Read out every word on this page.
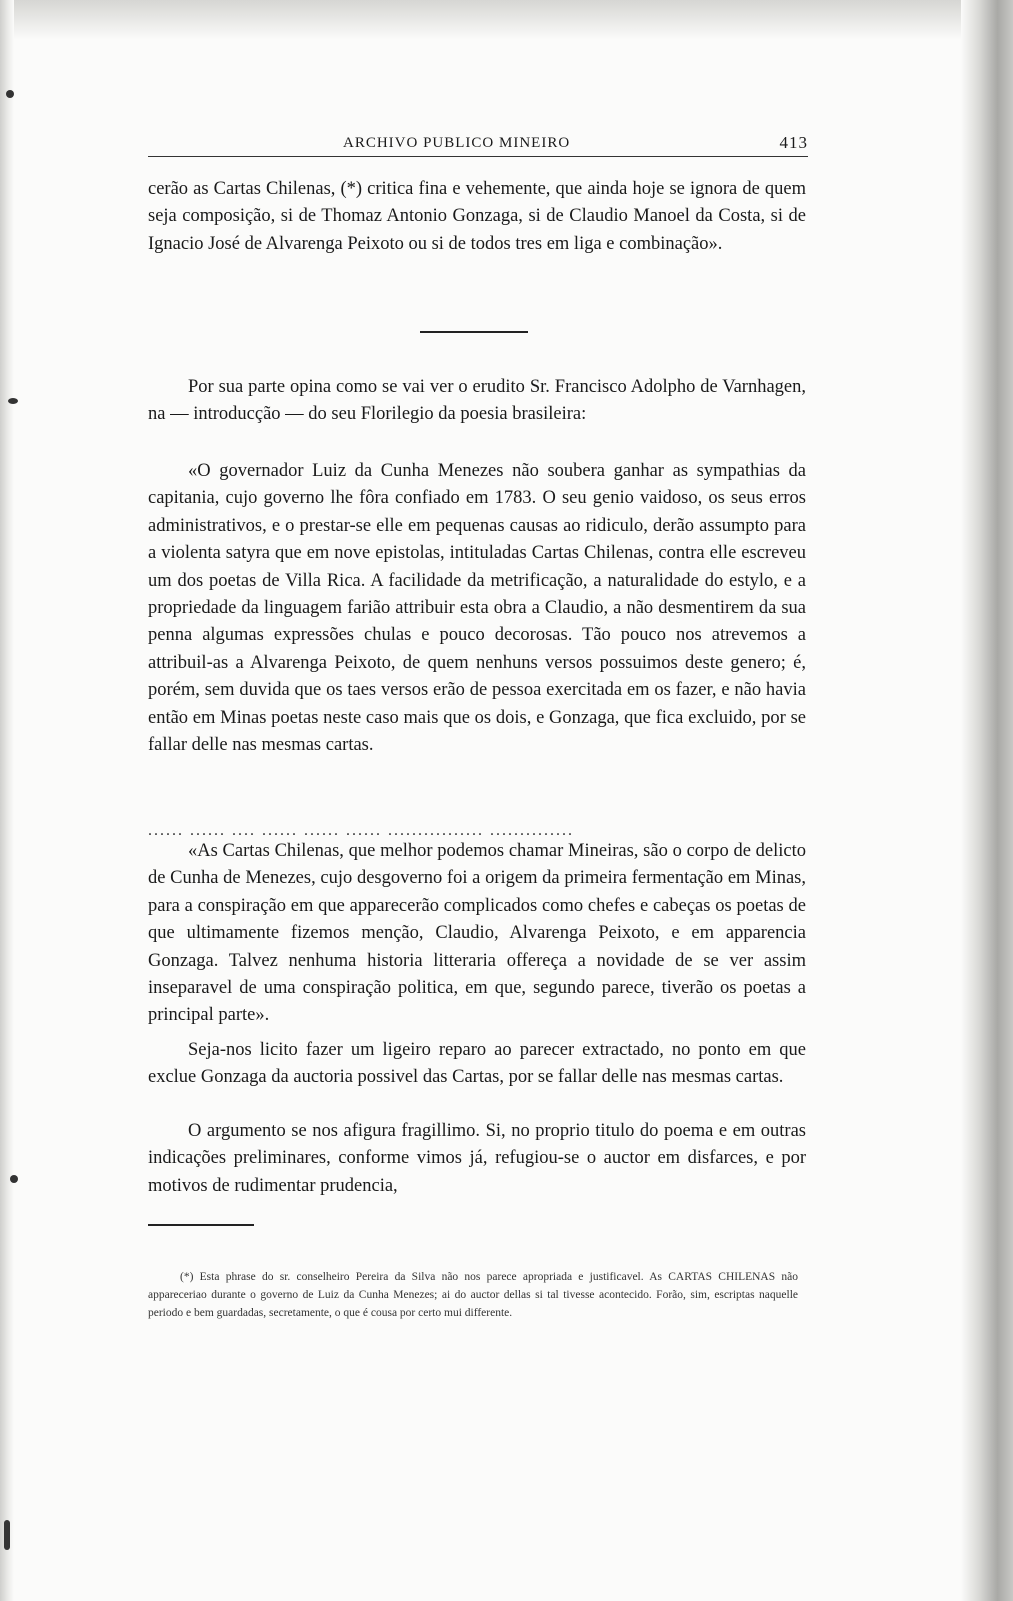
ARCHIVO PUBLICO MINEIRO	413

cerão as Cartas Chilenas, (*) critica fina e vehemente, que ainda hoje se ignora de quem seja composição, si de Thomaz Antonio Gonzaga, si de Claudio Manoel da Costa, si de Ignacio José de Alvarenga Peixoto ou si de todos tres em liga e combinação».

Por sua parte opina como se vai ver o erudito Sr. Francisco Adolpho de Varnhagen, na — introducção — do seu Florilegio da poesia brasileira:

«O governador Luiz da Cunha Menezes não soubera ganhar as sympathias da capitania, cujo governo lhe fôra confiado em 1783. O seu genio vaidoso, os seus erros administrativos, e o prestar-se elle em pequenas causas ao ridiculo, derão assumpto para a violenta satyra que em nove epistolas, intituladas Cartas Chilenas, contra elle escreveu um dos poetas de Villa Rica. A facilidade da metrificação, a naturalidade do estylo, e a propriedade da linguagem farião attribuir esta obra a Claudio, a não desmentirem da sua penna algumas expressões chulas e pouco decorosas. Tão pouco nos atrevemos a attribuil-as a Alvarenga Peixoto, de quem nenhuns versos possuimos deste genero; é, porém, sem duvida que os taes versos erão de pessoa exercitada em os fazer, e não havia então em Minas poetas neste caso mais que os dois, e Gonzaga, que fica excluido, por se fallar delle nas mesmas cartas.

...... ...... .... ...... ...... ...... ................ ..............

«As Cartas Chilenas, que melhor podemos chamar Mineiras, são o corpo de delicto de Cunha de Menezes, cujo desgoverno foi a origem da primeira fermentação em Minas, para a conspiração em que apparecerão complicados como chefes e cabeças os poetas de que ultimamente fizemos menção, Claudio, Alvarenga Peixoto, e em apparencia Gonzaga. Talvez nenhuma historia litteraria offereça a novidade de se ver assim inseparavel de uma conspiração politica, em que, segundo parece, tiverão os poetas a principal parte».

Seja-nos licito fazer um ligeiro reparo ao parecer extractado, no ponto em que exclue Gonzaga da auctoria possivel das Cartas, por se fallar delle nas mesmas cartas.

O argumento se nos afigura fragillimo. Si, no proprio titulo do poema e em outras indicações preliminares, conforme vimos já, refugiou-se o auctor em disfarces, e por motivos de rudimentar prudencia,

(*) Esta phrase do sr. conselheiro Pereira da Silva não nos parece apropriada e justificavel. As CARTAS CHILENAS não appareceriao durante o governo de Luiz da Cunha Menezes; ai do auctor dellas si tal tivesse acontecido. Forão, sim, escriptas naquelle periodo e bem guardadas, secretamente, o que é cousa por certo mui differente.
